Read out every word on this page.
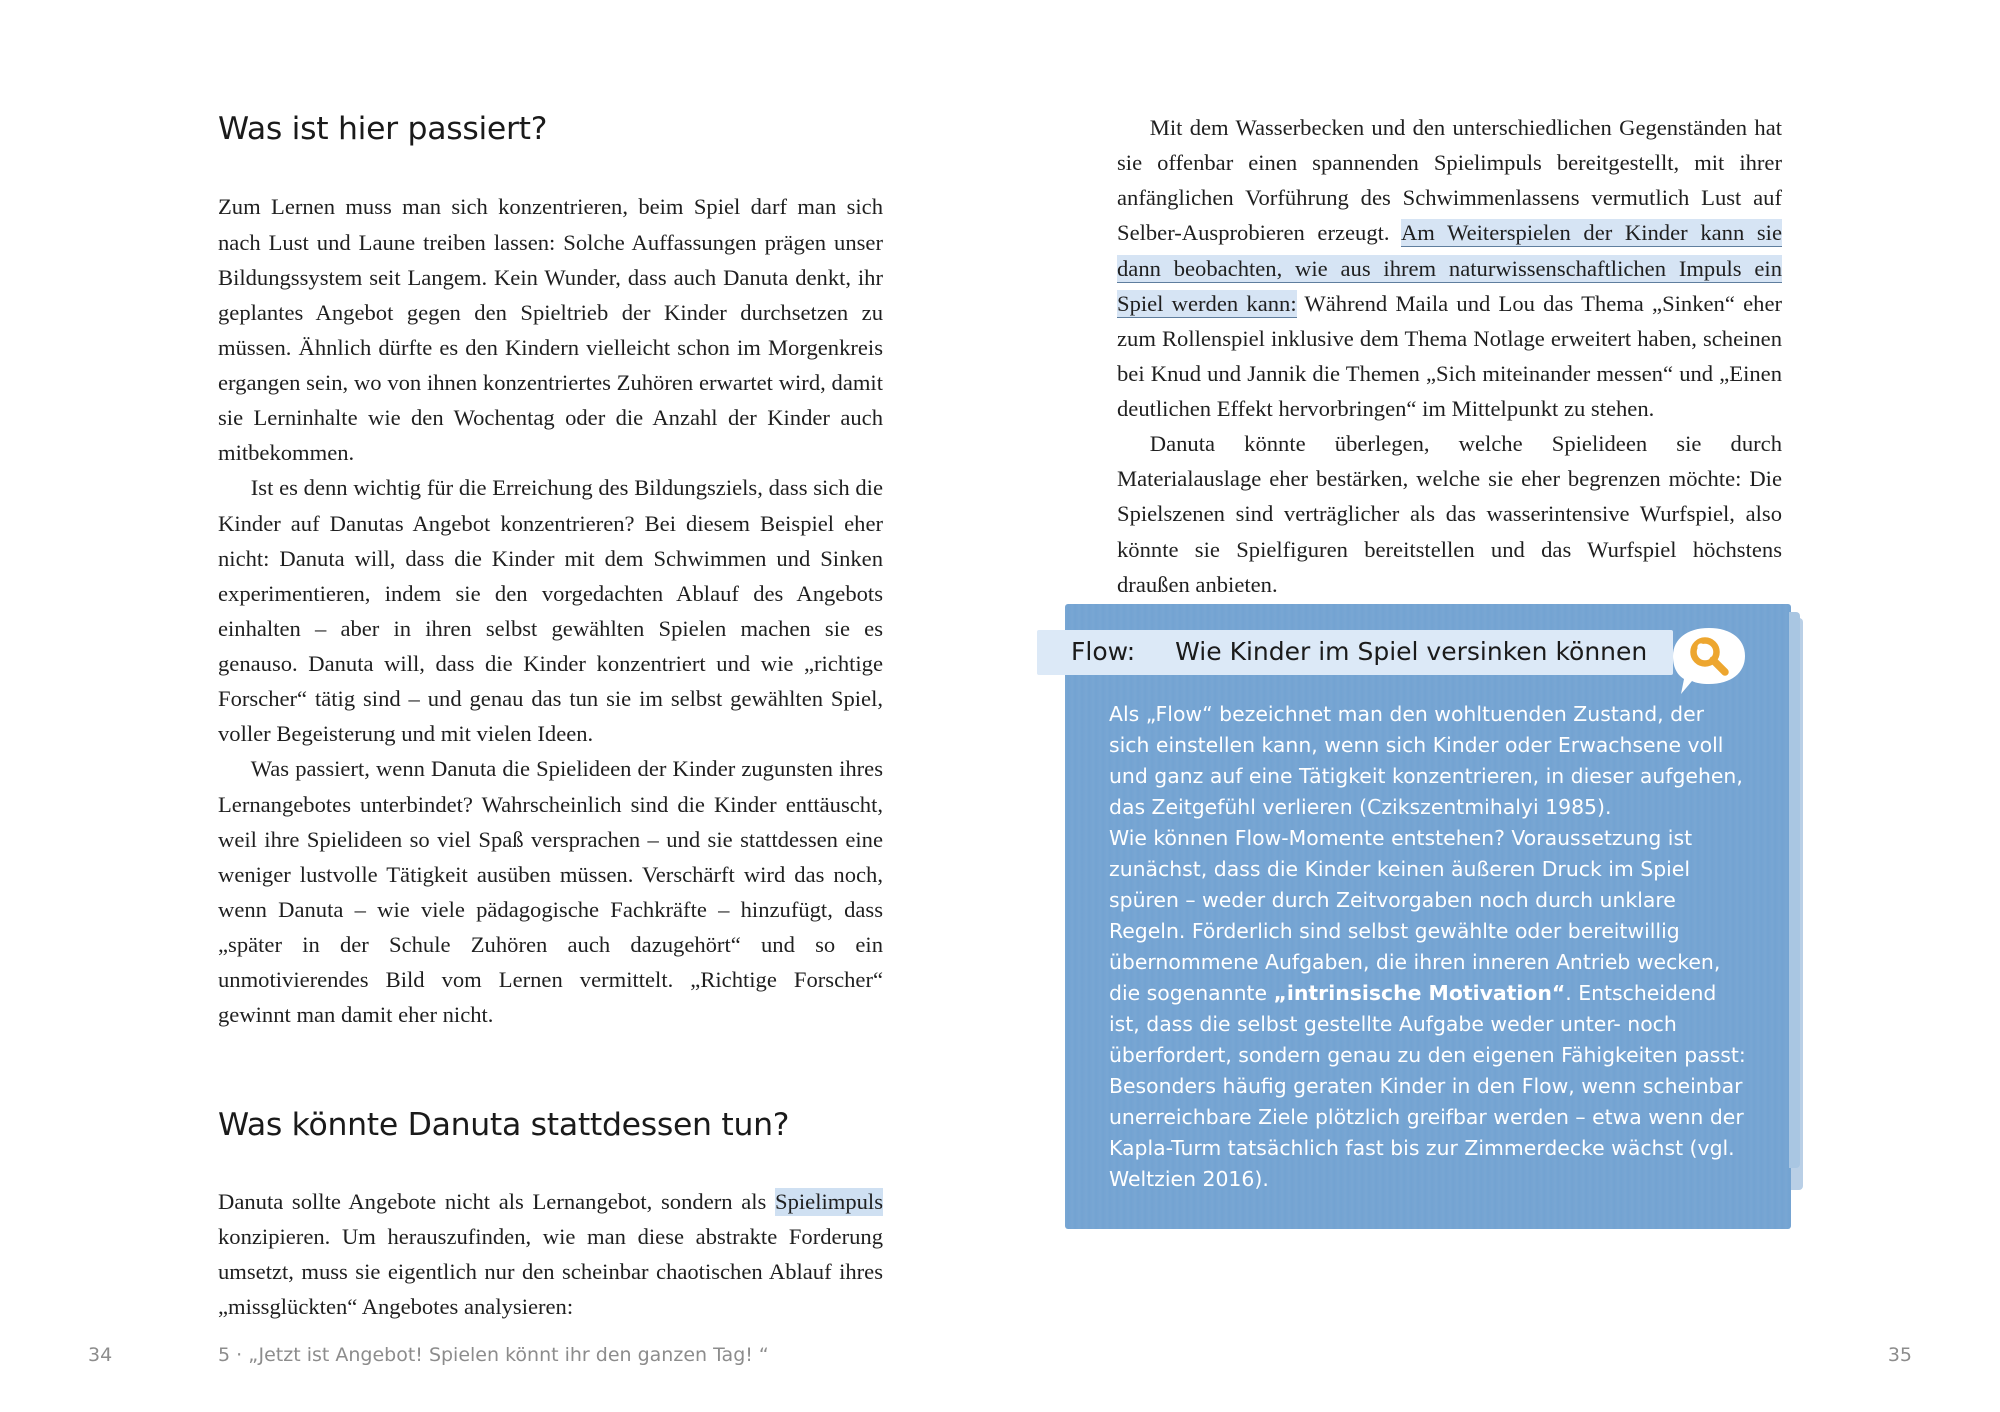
Was ist hier passiert?

Zum Lernen muss man sich konzentrieren, beim Spiel darf man sich nach Lust und Laune treiben lassen: Solche Auffassungen prägen unser Bildungssystem seit Langem. Kein Wunder, dass auch Danuta denkt, ihr geplantes Angebot gegen den Spieltrieb der Kinder durchsetzen zu müssen. Ähnlich dürfte es den Kindern vielleicht schon im Morgenkreis ergangen sein, wo von ihnen konzentriertes Zuhören erwartet wird, damit sie Lerninhalte wie den Wochentag oder die Anzahl der Kinder auch mitbekommen.

Ist es denn wichtig für die Erreichung des Bildungsziels, dass sich die Kinder auf Danutas Angebot konzentrieren? Bei diesem Beispiel eher nicht: Danuta will, dass die Kinder mit dem Schwimmen und Sinken experimentieren, indem sie den vorgedachten Ablauf des Angebots einhalten – aber in ihren selbst gewählten Spielen machen sie es genauso. Danuta will, dass die Kinder konzentriert und wie „richtige Forscher“ tätig sind – und genau das tun sie im selbst gewählten Spiel, voller Begeisterung und mit vielen Ideen.

Was passiert, wenn Danuta die Spielideen der Kinder zugunsten ihres Lernangebotes unterbindet? Wahrscheinlich sind die Kinder enttäuscht, weil ihre Spielideen so viel Spaß versprachen – und sie stattdessen eine weniger lustvolle Tätigkeit ausüben müssen. Verschärft wird das noch, wenn Danuta – wie viele pädagogische Fachkräfte – hinzufügt, dass „später in der Schule Zuhören auch dazugehört“ und so ein unmotivierendes Bild vom Lernen vermittelt. „Richtige Forscher“ gewinnt man damit eher nicht.

Was könnte Danuta stattdessen tun?

Danuta sollte Angebote nicht als Lernangebot, sondern als Spielimpuls konzipieren. Um herauszufinden, wie man diese abstrakte Forderung umsetzt, muss sie eigentlich nur den scheinbar chaotischen Ablauf ihres „missglückten“ Angebotes analysieren:

34	5 · „Jetzt ist Angebot! Spielen könnt ihr den ganzen Tag! “

Mit dem Wasserbecken und den unterschiedlichen Gegenständen hat sie offenbar einen spannenden Spielimpuls bereitgestellt, mit ihrer anfänglichen Vorführung des Schwimmenlassens vermutlich Lust auf Selber-Ausprobieren erzeugt. Am Weiterspielen der Kinder kann sie dann beobachten, wie aus ihrem naturwissenschaftlichen Impuls ein Spiel werden kann: Während Maila und Lou das Thema „Sinken“ eher zum Rollenspiel inklusive dem Thema Notlage erweitert haben, scheinen bei Knud und Jannik die Themen „Sich miteinander messen“ und „Einen deutlichen Effekt hervorbringen“ im Mittelpunkt zu stehen.

Danuta könnte überlegen, welche Spielideen sie durch Materialauslage eher bestärken, welche sie eher begrenzen möchte: Die Spielszenen sind verträglicher als das wasserintensive Wurfspiel, also könnte sie Spielfiguren bereitstellen und das Wurfspiel höchstens draußen anbieten.

Flow: Wie Kinder im Spiel versinken können

Als „Flow“ bezeichnet man den wohltuenden Zustand, der sich einstellen kann, wenn sich Kinder oder Erwachsene voll und ganz auf eine Tätigkeit konzentrieren, in dieser aufgehen, das Zeitgefühl verlieren (Czikszentmihalyi 1985).

Wie können Flow-Momente entstehen? Voraussetzung ist zunächst, dass die Kinder keinen äußeren Druck im Spiel spüren – weder durch Zeitvorgaben noch durch unklare Regeln. Förderlich sind selbst gewählte oder bereitwillig übernommene Aufgaben, die ihren inneren Antrieb wecken, die sogenannte „intrinsische Motivation“. Entscheidend ist, dass die selbst gestellte Aufgabe weder unter- noch überfordert, sondern genau zu den eigenen Fähigkeiten passt: Besonders häufig geraten Kinder in den Flow, wenn scheinbar unerreichbare Ziele plötzlich greifbar werden – etwa wenn der Kapla-Turm tatsächlich fast bis zur Zimmerdecke wächst (vgl. Weltzien 2016).

35
